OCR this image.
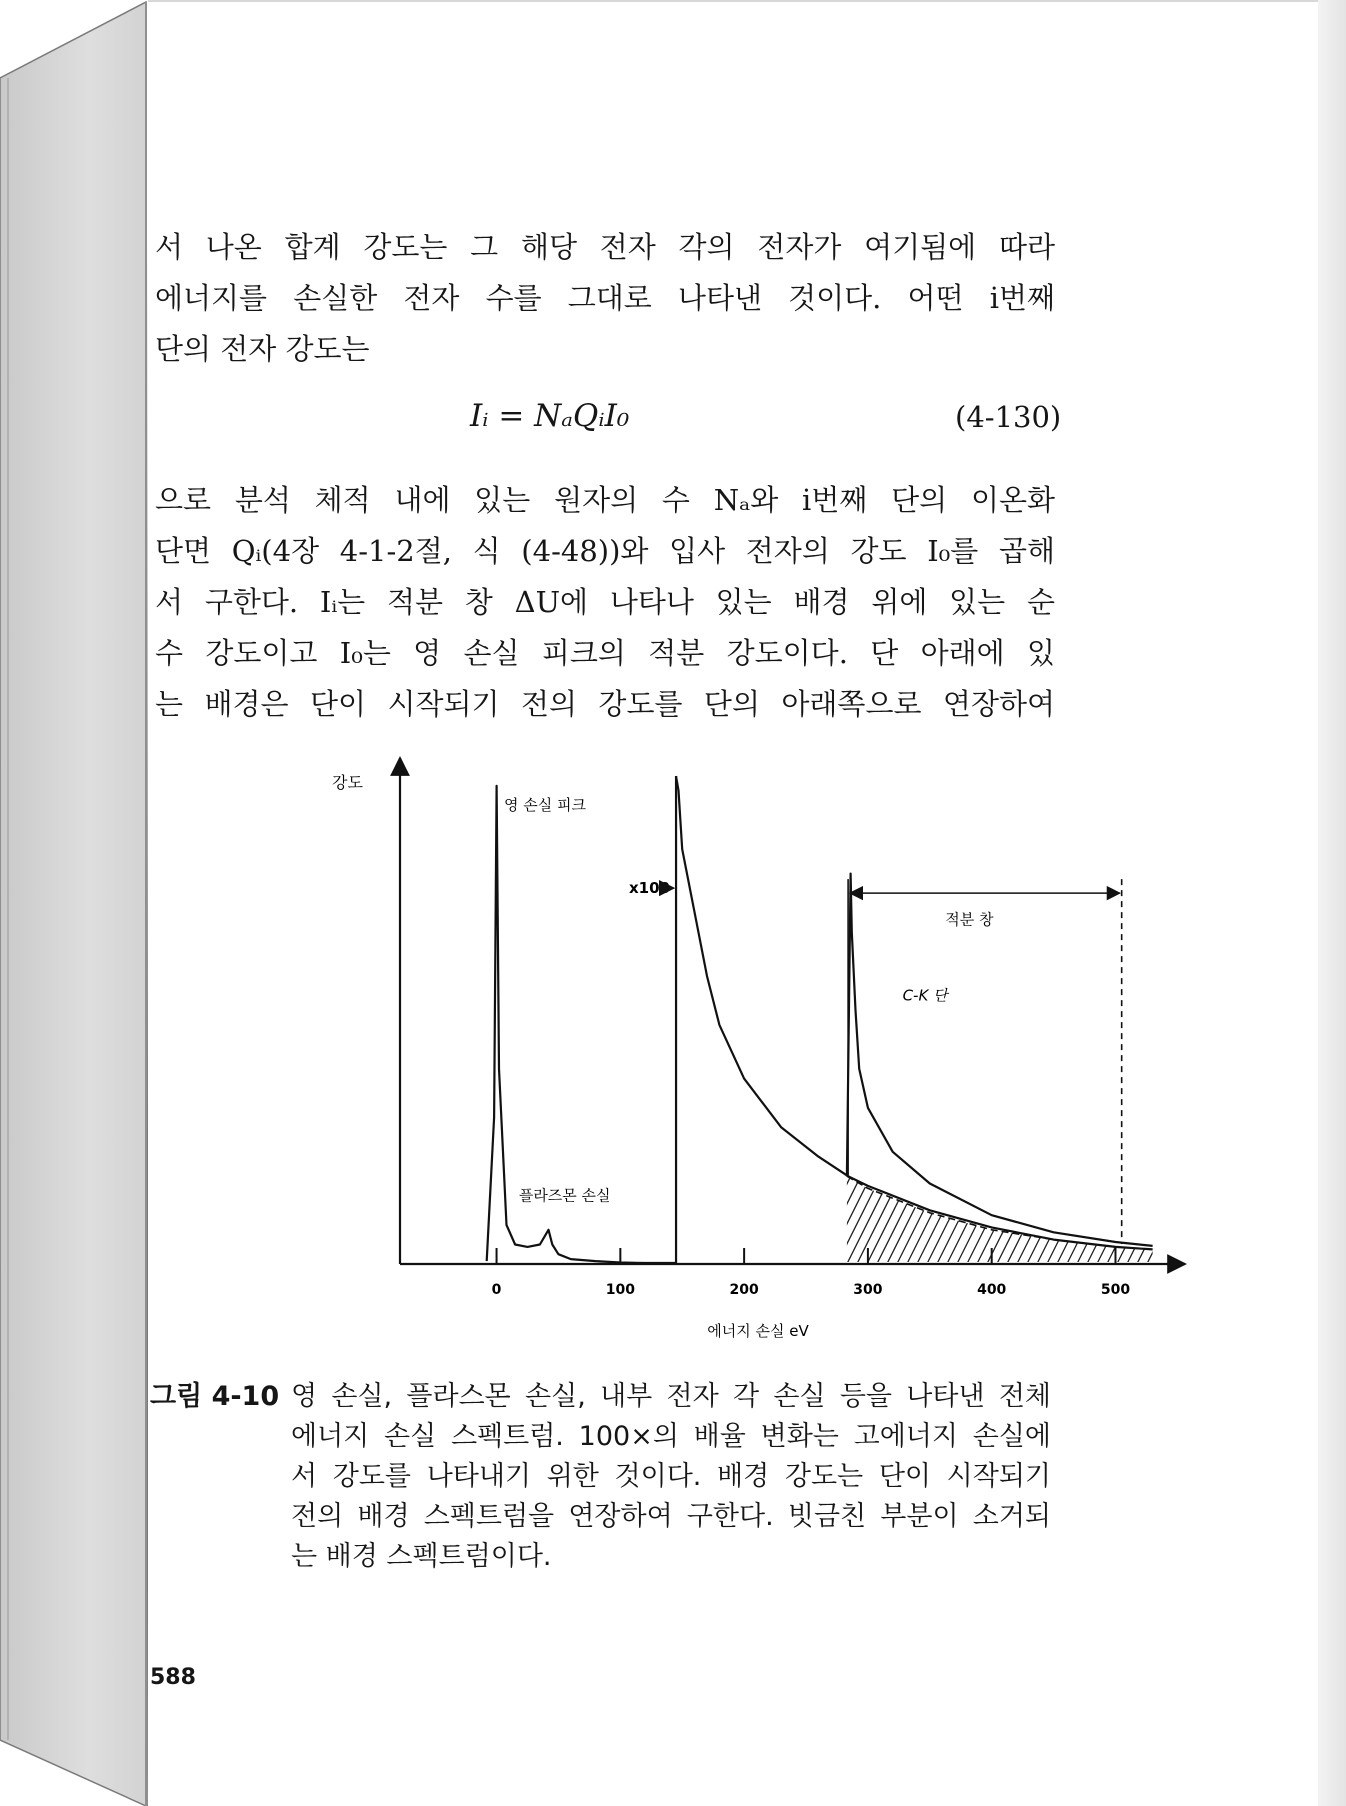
서 나온 합계 강도는 그 해당 전자 각의 전자가 여기됨에 따라
에너지를 손실한 전자 수를 그대로 나타낸 것이다. 어떤 i번째
단의 전자 강도는
Iᵢ = NₐQᵢI₀	(4-130)
으로 분석 체적 내에 있는 원자의 수 Nₐ와 i번째 단의 이온화
단면 Qᵢ(4장 4-1-2절, 식 (4-48))와 입사 전자의 강도 I₀를 곱해
서 구한다. Iᵢ는 적분 창 ΔU에 나타나 있는 배경 위에 있는 순
수 강도이고 I₀는 영 손실 피크의 적분 강도이다. 단 아래에 있
는 배경은 단이 시작되기 전의 강도를 단의 아래쪽으로 연장하여
0	100	200	300	400	500
강도
에너지 손실 eV
영 손실 피크
x100
적분 창
C-K 단
플라즈몬 손실
그림 4-10 영 손실, 플라스몬 손실, 내부 전자 각 손실 등을 나타낸 전체
에너지 손실 스펙트럼. 100×의 배율 변화는 고에너지 손실에
서 강도를 나타내기 위한 것이다. 배경 강도는 단이 시작되기
전의 배경 스펙트럼을 연장하여 구한다. 빗금친 부분이 소거되
는 배경 스펙트럼이다.
588
